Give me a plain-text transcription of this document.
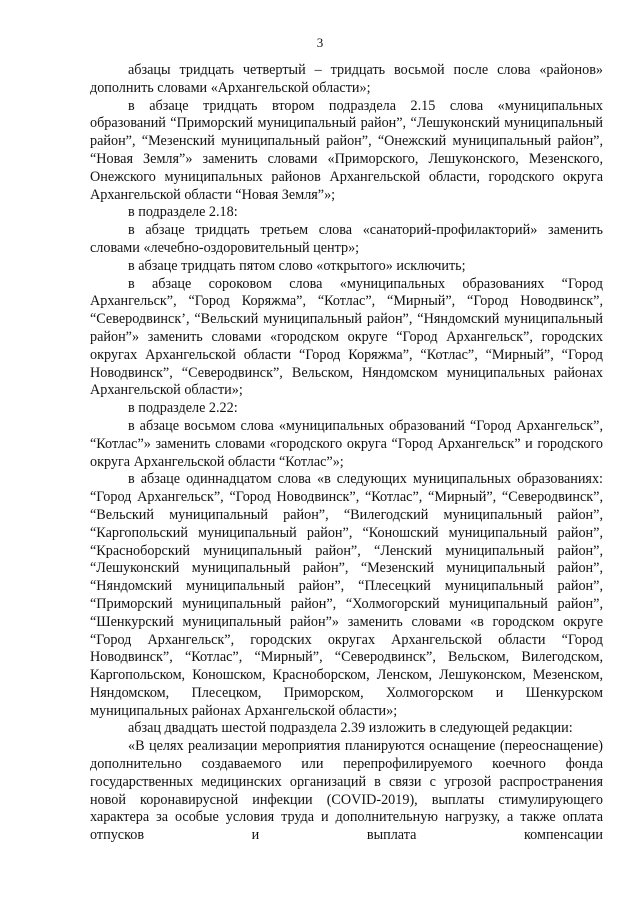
3

абзацы тридцать четвертый – тридцать восьмой после слова «районов» дополнить словами «Архангельской области»;

в абзаце тридцать втором подраздела 2.15 слова «муниципальных образований “Приморский муниципальный район”, “Лешуконский муниципальный район”, “Мезенский муниципальный район”, “Онежский муниципальный район”, “Новая Земля”» заменить словами «Приморского, Лешуконского, Мезенского, Онежского муниципальных районов Архангельской области, городского округа Архангельской области “Новая Земля”»;

в подразделе 2.18:

в абзаце тридцать третьем слова «санаторий-профилакторий» заменить словами «лечебно-оздоровительный центр»;

в абзаце тридцать пятом слово «открытого» исключить;

в абзаце сороковом слова «муниципальных образованиях “Город Архангельск”, “Город Коряжма”, “Котлас”, “Мирный”, “Город Новодвинск”, “Северодвинск’, “Вельский муниципальный район”, “Няндомский муниципальный район”» заменить словами «городском округе “Город Архангельск”, городских округах Архангельской области “Город Коряжма”, “Котлас”, “Мирный”, “Город Новодвинск”, “Северодвинск”, Вельском, Няндомском муниципальных районах Архангельской области»;

в подразделе 2.22:

в абзаце восьмом слова «муниципальных образований “Город Архангельск”, “Котлас”» заменить словами «городского округа “Город Архангельск” и городского округа Архангельской области “Котлас”»;

в абзаце одиннадцатом слова «в следующих муниципальных образованиях: “Город Архангельск”, “Город Новодвинск”, “Котлас”, “Мирный”, “Северодвинск”, “Вельский муниципальный район”, “Вилегодский муниципальный район”, “Каргопольский муниципальный район”, “Коношский муниципальный район”, “Красноборский муниципальный район”, “Ленский муниципальный район”, “Лешуконский муниципальный район”, “Мезенский муниципальный район”, “Няндомский муниципальный район”, “Плесецкий муниципальный район”, “Приморский муниципальный район”, “Холмогорский муниципальный район”, “Шенкурский муниципальный район”» заменить словами «в городском округе “Город Архангельск”, городских округах Архангельской области “Город Новодвинск”, “Котлас”, “Мирный”, “Северодвинск”, Вельском, Вилегодском, Каргопольском, Коношском, Красноборском, Ленском, Лешуконском, Мезенском, Няндомском, Плесецком, Приморском, Холмогорском и Шенкурском муниципальных районах Архангельской области»;

абзац двадцать шестой подраздела 2.39 изложить в следующей редакции:

«В целях реализации мероприятия планируются оснащение (переоснащение) дополнительно создаваемого или перепрофилируемого коечного фонда государственных медицинских организаций в связи с угрозой распространения новой коронавирусной инфекции (COVID-2019), выплаты стимулирующего характера за особые условия труда и дополнительную нагрузку, а также оплата отпусков и выплата компенсации
